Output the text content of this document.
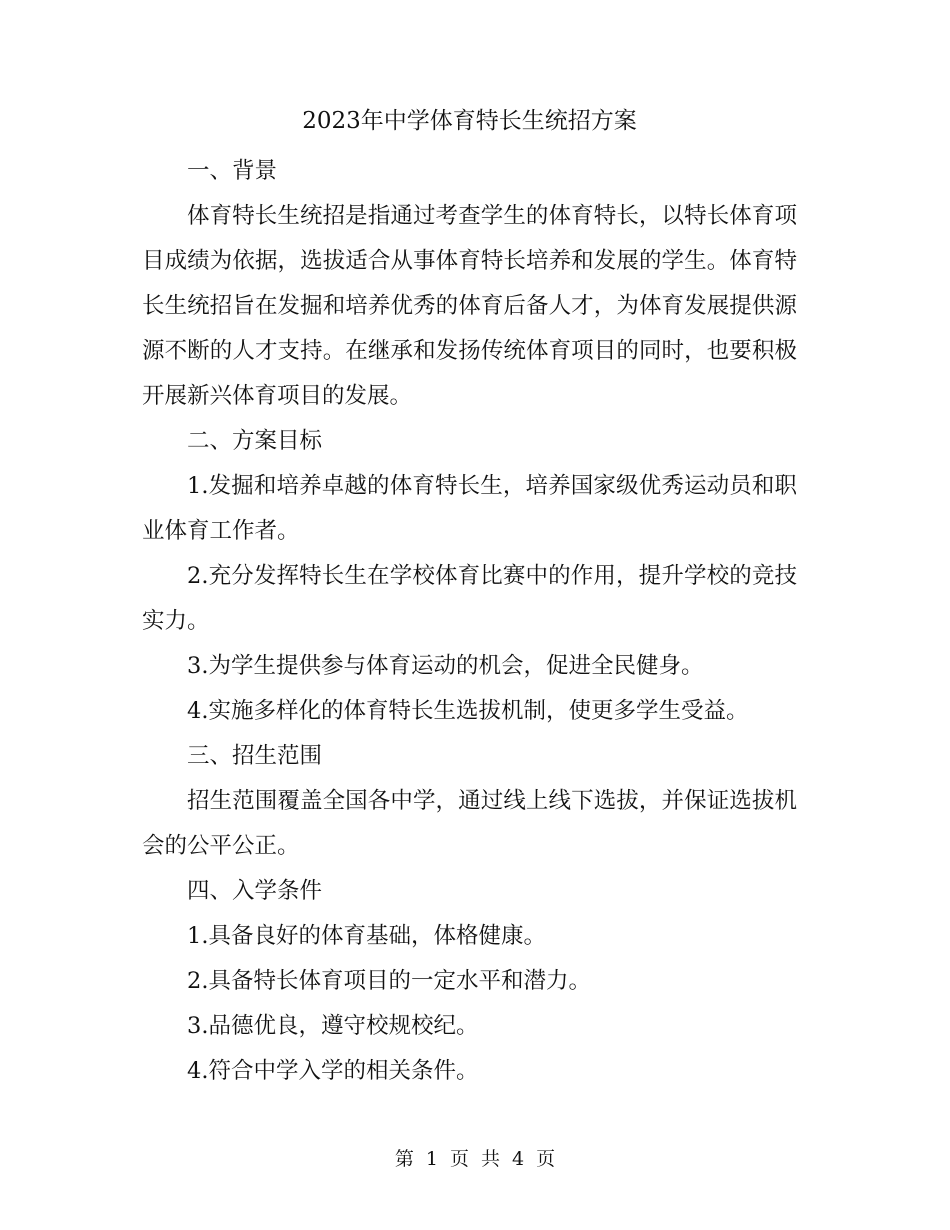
2023年中学体育特长生统招方案

一、背景

体育特长生统招是指通过考查学生的体育特长，以特长体育项目成绩为依据，选拔适合从事体育特长培养和发展的学生。体育特长生统招旨在发掘和培养优秀的体育后备人才，为体育发展提供源源不断的人才支持。在继承和发扬传统体育项目的同时，也要积极开展新兴体育项目的发展。

二、方案目标

1.发掘和培养卓越的体育特长生，培养国家级优秀运动员和职业体育工作者。

2.充分发挥特长生在学校体育比赛中的作用，提升学校的竞技实力。

3.为学生提供参与体育运动的机会，促进全民健身。

4.实施多样化的体育特长生选拔机制，使更多学生受益。

三、招生范围

招生范围覆盖全国各中学，通过线上线下选拔，并保证选拔机会的公平公正。

四、入学条件

1.具备良好的体育基础，体格健康。

2.具备特长体育项目的一定水平和潜力。

3.品德优良，遵守校规校纪。

4.符合中学入学的相关条件。

第 1 页 共 4 页
